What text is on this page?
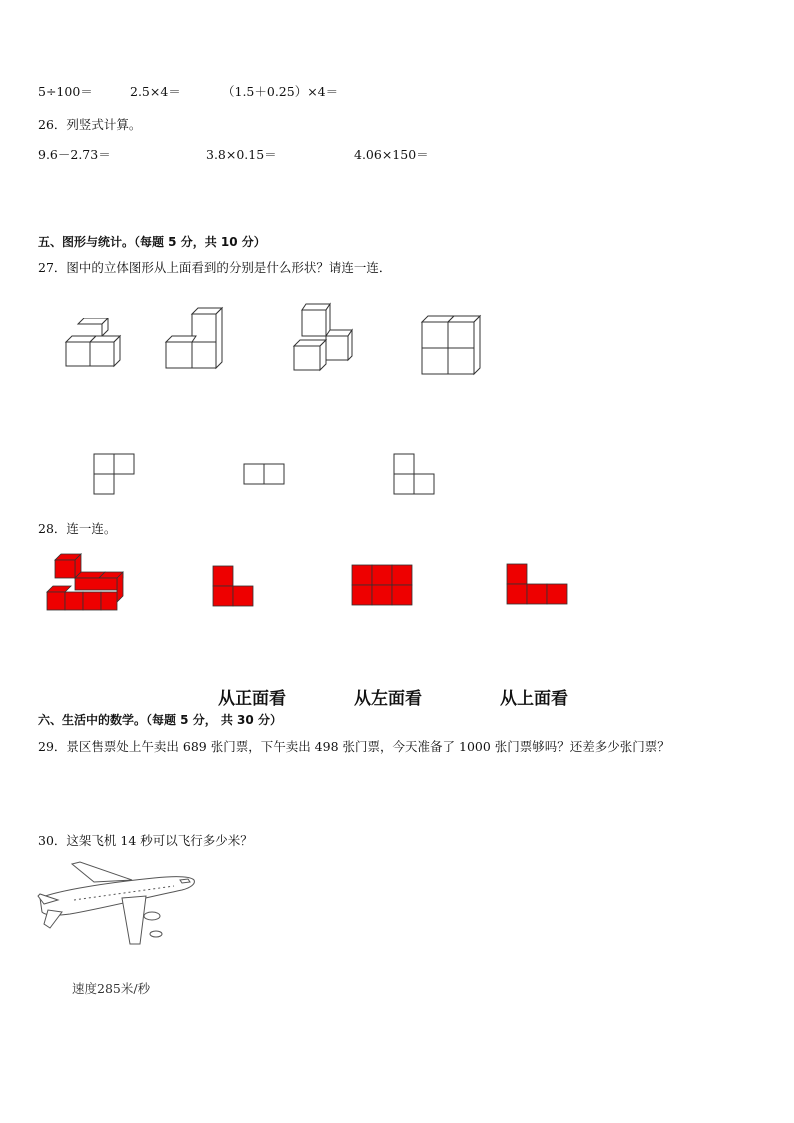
5÷100＝	2.5×4＝	（1.5＋0.25）×4＝
26．列竖式计算。
9.6－2.73＝	3.8×0.15＝	4.06×150＝
五、图形与统计。（每题 5 分，共 10 分）
27．图中的立体图形从上面看到的分别是什么形状？请连一连．
28．连一连。
从正面看	从左面看	从上面看
六、生活中的数学。（每题 5 分， 共 30 分）
29．景区售票处上午卖出 689 张门票，下午卖出 498 张门票，今天准备了 1000 张门票够吗？还差多少张门票？
30．这架飞机 14 秒可以飞行多少米？
速度285米/秒
